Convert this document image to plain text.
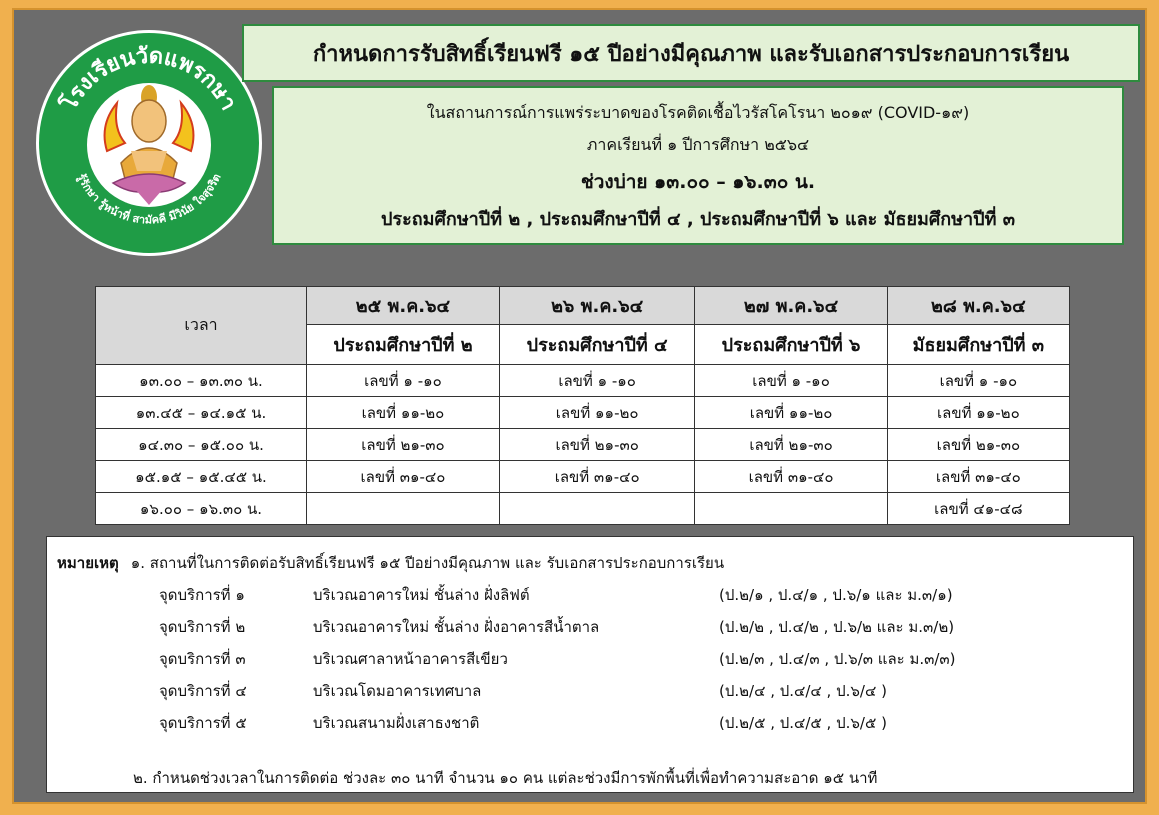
โรงเรียนวัดแพรกษา
รู้รักษา รู้หน้าที่ สามัคคี มีวินัย ใจสุจริต
กำหนดการรับสิทธิ์เรียนฟรี ๑๕ ปีอย่างมีคุณภาพ และรับเอกสารประกอบการเรียน
ในสถานการณ์การแพร่ระบาดของโรคติดเชื้อไวรัสโคโรนา ๒๐๑๙ (COVID-๑๙)
ภาคเรียนที่ ๑ ปีการศึกษา ๒๕๖๔
ช่วงบ่าย ๑๓.๐๐ – ๑๖.๓๐ น.
ประถมศึกษาปีที่ ๒ , ประถมศึกษาปีที่ ๔ , ประถมศึกษาปีที่ ๖ และ มัธยมศึกษาปีที่ ๓
เวลา	๒๕ พ.ค.๖๔	๒๖ พ.ค.๖๔	๒๗ พ.ค.๖๔	๒๘ พ.ค.๖๔
	ประถมศึกษาปีที่ ๒	ประถมศึกษาปีที่ ๔	ประถมศึกษาปีที่ ๖	มัธยมศึกษาปีที่ ๓
๑๓.๐๐ – ๑๓.๓๐ น.	เลขที่ ๑ -๑๐	เลขที่ ๑ -๑๐	เลขที่ ๑ -๑๐	เลขที่ ๑ -๑๐
๑๓.๔๕ – ๑๔.๑๕ น.	เลขที่ ๑๑-๒๐	เลขที่ ๑๑-๒๐	เลขที่ ๑๑-๒๐	เลขที่ ๑๑-๒๐
๑๔.๓๐ – ๑๕.๐๐ น.	เลขที่ ๒๑-๓๐	เลขที่ ๒๑-๓๐	เลขที่ ๒๑-๓๐	เลขที่ ๒๑-๓๐
๑๕.๑๕ – ๑๕.๔๕ น.	เลขที่ ๓๑-๔๐	เลขที่ ๓๑-๔๐	เลขที่ ๓๑-๔๐	เลขที่ ๓๑-๔๐
๑๖.๐๐ – ๑๖.๓๐ น.				เลขที่ ๔๑-๔๘
หมายเหตุ ๑. สถานที่ในการติดต่อรับสิทธิ์เรียนฟรี ๑๕ ปีอย่างมีคุณภาพ และ รับเอกสารประกอบการเรียน
จุดบริการที่ ๑	บริเวณอาคารใหม่ ชั้นล่าง ฝั่งลิฟต์	(ป.๒/๑ , ป.๔/๑ , ป.๖/๑ และ ม.๓/๑)
จุดบริการที่ ๒	บริเวณอาคารใหม่ ชั้นล่าง ฝั่งอาคารสีน้ำตาล	(ป.๒/๒ , ป.๔/๒ , ป.๖/๒ และ ม.๓/๒)
จุดบริการที่ ๓	บริเวณศาลาหน้าอาคารสีเขียว	(ป.๒/๓ , ป.๔/๓ , ป.๖/๓ และ ม.๓/๓)
จุดบริการที่ ๔	บริเวณโดมอาคารเทศบาล	(ป.๒/๔ , ป.๔/๔ , ป.๖/๔ )
จุดบริการที่ ๕	บริเวณสนามฝั่งเสาธงชาติ	(ป.๒/๕ , ป.๔/๕ , ป.๖/๕ )
๒. กำหนดช่วงเวลาในการติดต่อ ช่วงละ ๓๐ นาที จำนวน ๑๐ คน แต่ละช่วงมีการพักพื้นที่เพื่อทำความสะอาด ๑๕ นาที
